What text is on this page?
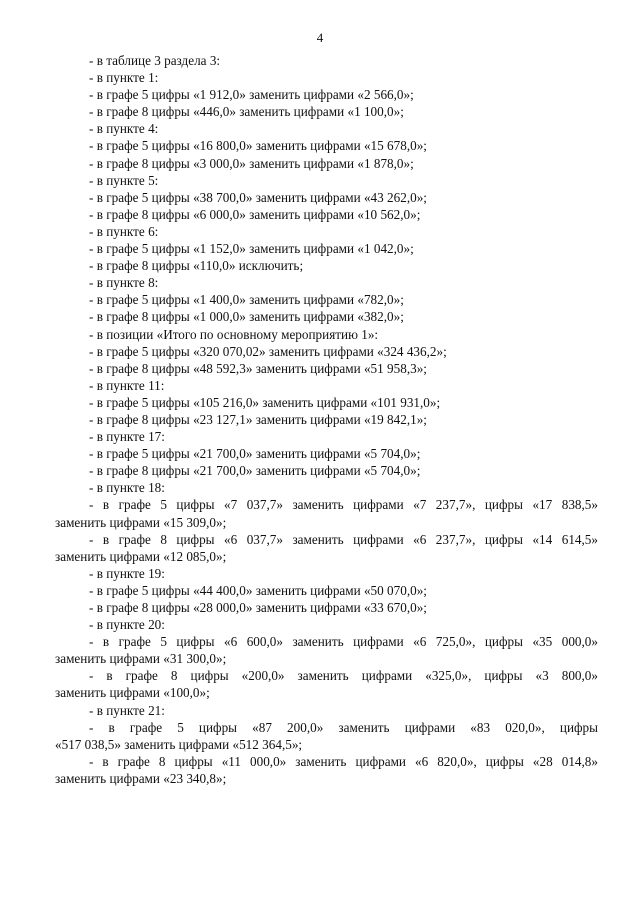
4
- в таблице 3 раздела 3:
- в пункте 1:
- в графе 5 цифры «1 912,0» заменить цифрами «2 566,0»;
- в графе 8 цифры «446,0» заменить цифрами «1 100,0»;
- в пункте 4:
- в графе 5 цифры «16 800,0» заменить цифрами «15 678,0»;
- в графе 8 цифры «3 000,0» заменить цифрами «1 878,0»;
- в пункте 5:
- в графе 5 цифры «38 700,0» заменить цифрами «43 262,0»;
- в графе 8 цифры «6 000,0» заменить цифрами «10 562,0»;
- в пункте 6:
- в графе 5 цифры «1 152,0» заменить цифрами «1 042,0»;
- в графе 8 цифры «110,0» исключить;
- в пункте 8:
- в графе 5 цифры «1 400,0» заменить цифрами «782,0»;
- в графе 8 цифры «1 000,0» заменить цифрами «382,0»;
- в позиции «Итого по основному мероприятию 1»:
- в графе 5 цифры «320 070,02» заменить цифрами «324 436,2»;
- в графе 8 цифры «48 592,3» заменить цифрами «51 958,3»;
- в пункте 11:
- в графе 5 цифры «105 216,0» заменить цифрами «101 931,0»;
- в графе 8 цифры «23 127,1» заменить цифрами «19 842,1»;
- в пункте 17:
- в графе 5 цифры «21 700,0» заменить цифрами «5 704,0»;
- в графе 8 цифры «21 700,0» заменить цифрами «5 704,0»;
- в пункте 18:
- в графе 5 цифры «7 037,7» заменить цифрами «7 237,7», цифры «17 838,5»
заменить цифрами «15 309,0»;
- в графе 8 цифры «6 037,7» заменить цифрами «6 237,7», цифры «14 614,5»
заменить цифрами «12 085,0»;
- в пункте 19:
- в графе 5 цифры «44 400,0» заменить цифрами «50 070,0»;
- в графе 8 цифры «28 000,0» заменить цифрами «33 670,0»;
- в пункте 20:
- в графе 5 цифры «6 600,0» заменить цифрами «6 725,0», цифры «35 000,0»
заменить цифрами «31 300,0»;
- в графе 8 цифры «200,0» заменить цифрами «325,0», цифры «3 800,0»
заменить цифрами «100,0»;
- в пункте 21:
- в графе 5 цифры «87 200,0» заменить цифрами «83 020,0», цифры
«517 038,5» заменить цифрами «512 364,5»;
- в графе 8 цифры «11 000,0» заменить цифрами «6 820,0», цифры «28 014,8»
заменить цифрами «23 340,8»;
